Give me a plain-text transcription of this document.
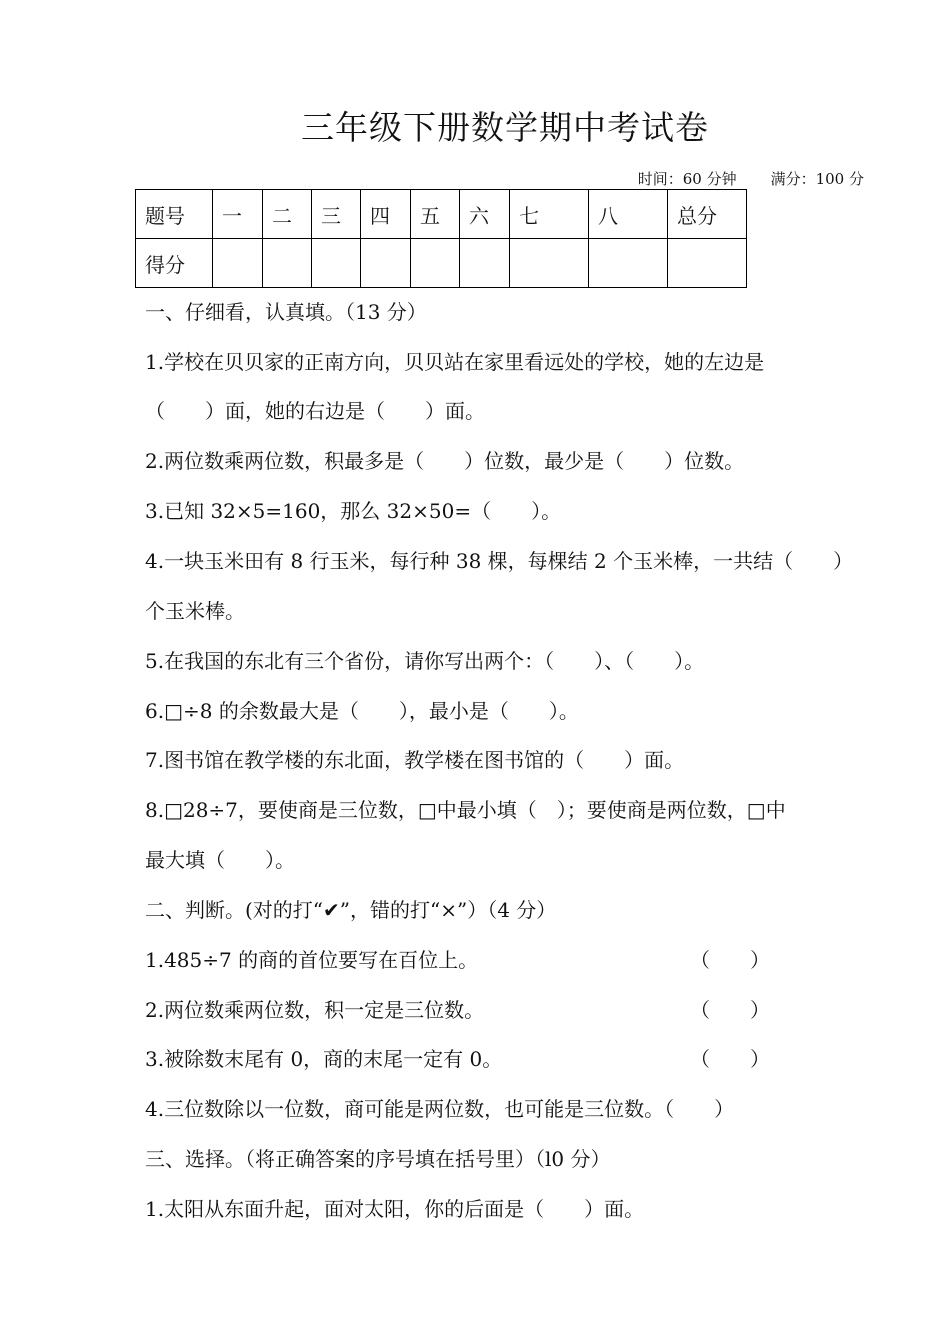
三年级下册数学期中考试卷
时间：60 分钟 满分：100 分
题号	一	二	三	四	五	六	七	八	总分
得分									
一、仔细看，认真填。（13 分）
1.学校在贝贝家的正南方向，贝贝站在家里看远处的学校，她的左边是
（　　）面，她的右边是（　　）面。
2.两位数乘两位数，积最多是（　　）位数，最少是（　　）位数。
3.已知 32×5=160，那么 32×50=（　　）。
4.一块玉米田有 8 行玉米，每行种 38 棵，每棵结 2 个玉米棒，一共结（　　）
个玉米棒。
5.在我国的东北有三个省份，请你写出两个：（　　）、（　　）。
6.□÷8 的余数最大是（　　），最小是（　　）。
7.图书馆在教学楼的东北面，教学楼在图书馆的（　　）面。
8.□28÷7，要使商是三位数，□中最小填（　）；要使商是两位数，□中
最大填（　　）。
二、判断。(对的打“✔”，错的打“×”）（4 分）
1.485÷7 的商的首位要写在百位上。	（　　）
2.两位数乘两位数，积一定是三位数。	（　　）
3.被除数末尾有 0，商的末尾一定有 0。	（　　）
4.三位数除以一位数，商可能是两位数，也可能是三位数。（　　）
三、选择。（将正确答案的序号填在括号里）（l0 分）
1.太阳从东面升起，面对太阳，你的后面是（　　）面。
